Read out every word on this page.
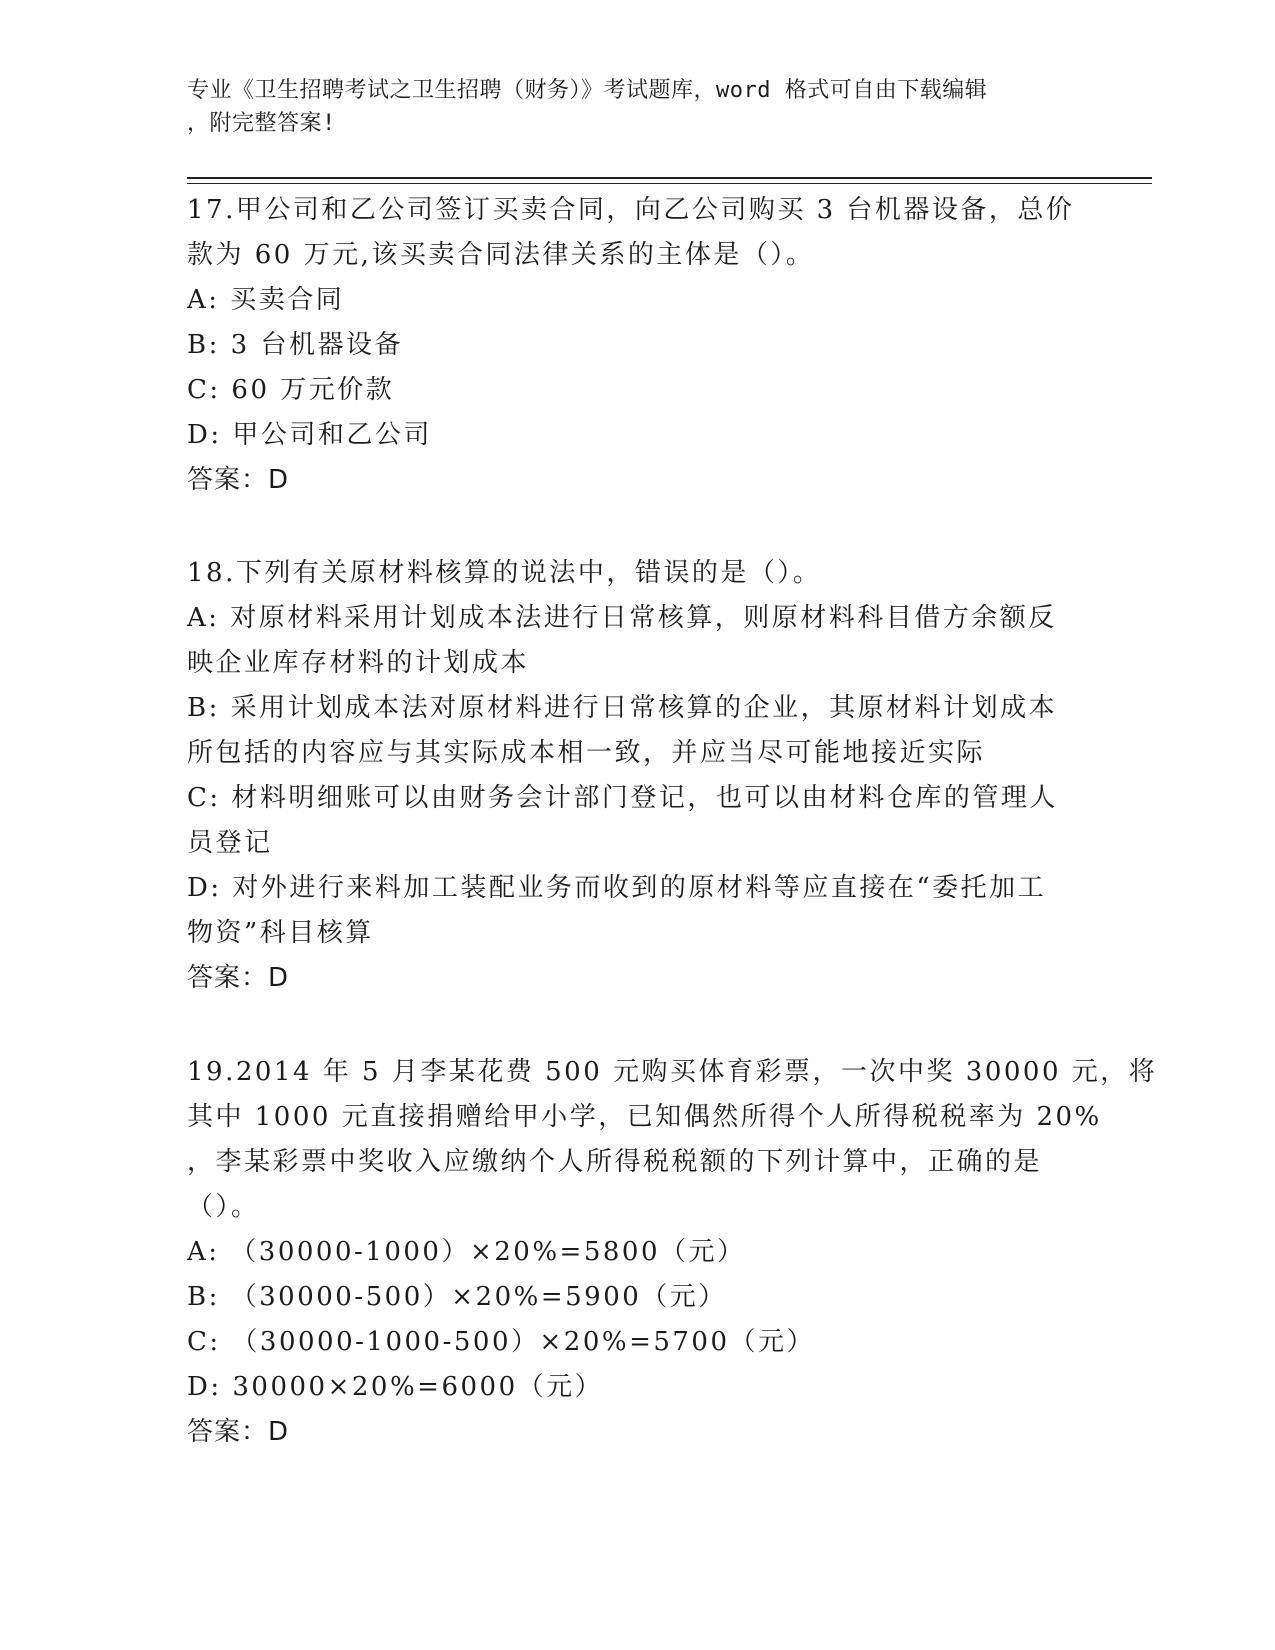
专业《卫生招聘考试之卫生招聘（财务）》考试题库，word 格式可自由下载编辑
，附完整答案!
17.甲公司和乙公司签订买卖合同，向乙公司购买 3 台机器设备，总价
款为 60 万元,该买卖合同法律关系的主体是（）。
A: 买卖合同
B: 3 台机器设备
C: 60 万元价款
D: 甲公司和乙公司
答案：D
18.下列有关原材料核算的说法中，错误的是（）。
A: 对原材料采用计划成本法进行日常核算，则原材料科目借方余额反
映企业库存材料的计划成本
B: 采用计划成本法对原材料进行日常核算的企业，其原材料计划成本
所包括的内容应与其实际成本相一致，并应当尽可能地接近实际
C: 材料明细账可以由财务会计部门登记，也可以由材料仓库的管理人
员登记
D: 对外进行来料加工装配业务而收到的原材料等应直接在“委托加工
物资”科目核算
答案：D
19.2014 年 5 月李某花费 500 元购买体育彩票，一次中奖 30000 元，将
其中 1000 元直接捐赠给甲小学，已知偶然所得个人所得税税率为 20%
，李某彩票中奖收入应缴纳个人所得税税额的下列计算中，正确的是
（）。
A: （30000-1000）×20%=5800（元）
B: （30000-500）×20%=5900（元）
C: （30000-1000-500）×20%=5700（元）
D: 30000×20%=6000（元）
答案：D
